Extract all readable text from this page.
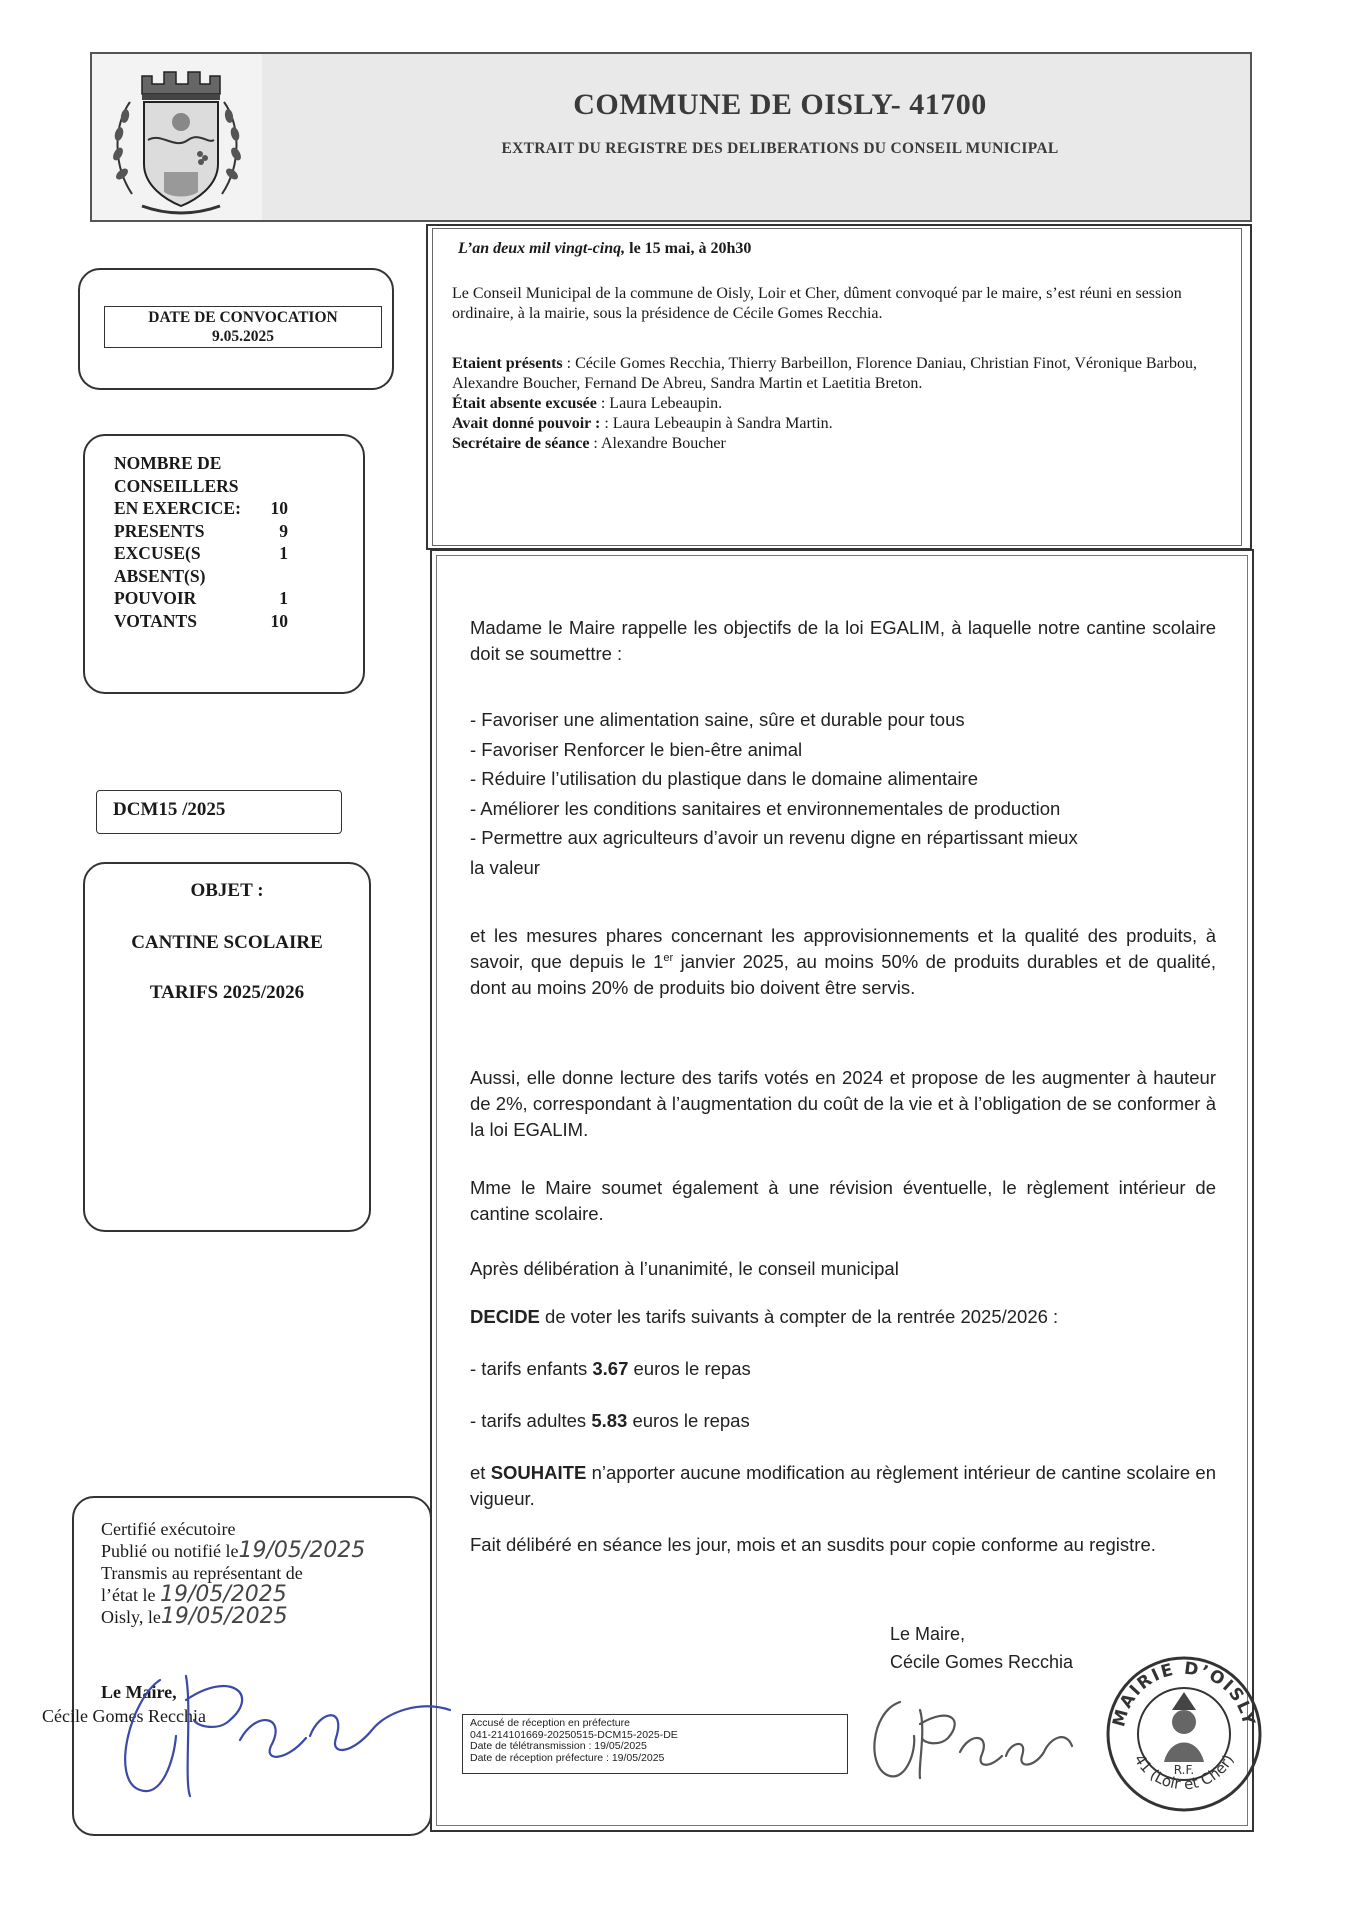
COMMUNE DE OISLY- 41700
EXTRAIT DU REGISTRE DES DELIBERATIONS DU CONSEIL MUNICIPAL
L’an deux mil vingt-cinq, le 15 mai, à 20h30
Le Conseil Municipal de la commune de Oisly, Loir et Cher, dûment convoqué par le maire, s’est réuni en session ordinaire, à la mairie, sous la présidence de Cécile Gomes Recchia.
Etaient présents : Cécile Gomes Recchia, Thierry Barbeillon, Florence Daniau, Christian Finot, Véronique Barbou, Alexandre Boucher, Fernand De Abreu, Sandra Martin et Laetitia Breton.
Était absente excusée : Laura Lebeaupin.
Avait donné pouvoir : : Laura Lebeaupin à Sandra Martin.
Secrétaire de séance : Alexandre Boucher
DATE DE CONVOCATION
9.05.2025
NOMBRE DE
CONSEILLERS
EN EXERCICE:	10
PRESENTS	9
EXCUSE(S	1
ABSENT(S)	
POUVOIR	1
VOTANTS	10
DCM15 /2025
OBJET :
CANTINE SCOLAIRE
TARIFS 2025/2026
Madame le Maire rappelle les objectifs de la loi EGALIM, à laquelle notre cantine scolaire doit se soumettre :
- Favoriser une alimentation saine, sûre et durable pour tous
- Favoriser Renforcer le bien-être animal
- Réduire l’utilisation du plastique dans le domaine alimentaire
- Améliorer les conditions sanitaires et environnementales de production
- Permettre aux agriculteurs d’avoir un revenu digne en répartissant mieux
la valeur
et les mesures phares concernant les approvisionnements et la qualité des produits, à savoir, que depuis le 1er janvier 2025, au moins 50% de produits durables et de qualité, dont au moins 20% de produits bio doivent être servis.
Aussi, elle donne lecture des tarifs votés en 2024 et propose de les augmenter à hauteur de 2%, correspondant à l’augmentation du coût de la vie et à l’obligation de se conformer à la loi EGALIM.
Mme le Maire soumet également à une révision éventuelle, le règlement intérieur de cantine scolaire.
Après délibération à l’unanimité, le conseil municipal
DECIDE de voter les tarifs suivants à compter de la rentrée 2025/2026 :
- tarifs enfants 3.67 euros le repas
- tarifs adultes 5.83 euros le repas
et SOUHAITE n’apporter aucune modification au règlement intérieur de cantine scolaire en vigueur.
Fait délibéré en séance les jour, mois et an susdits pour copie conforme au registre.
Le Maire,
Cécile Gomes Recchia
MAIRIE D’OISLY
41 (Loir et Cher)
R.F.
Accusé de réception en préfecture
041-214101669-20250515-DCM15-2025-DE
Date de télétransmission : 19/05/2025
Date de réception préfecture : 19/05/2025
Certifié exécutoire
Publié ou notifié le19/05/2025
Transmis au représentant de
l’état le 19/05/2025
Oisly, le19/05/2025
Le Maire,
Cécile Gomes Recchia
